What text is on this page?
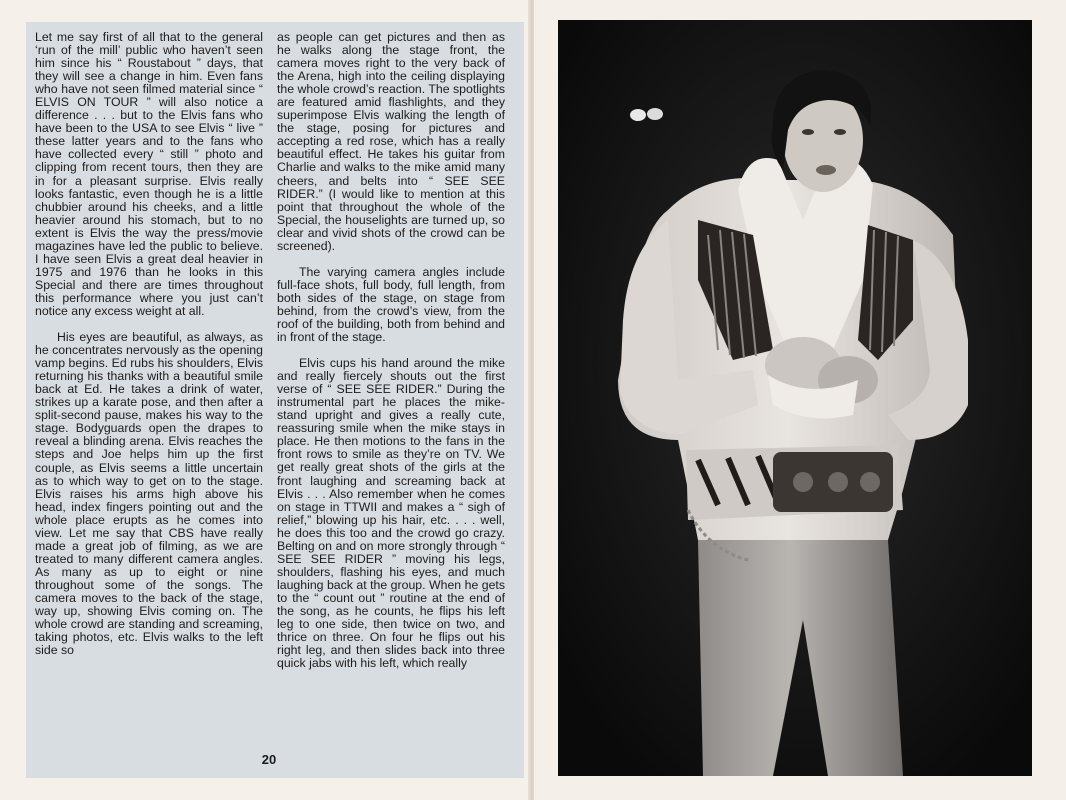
Let me say first of all that to the general ‘run of the mill’ public who haven’t seen him since his “ Roustabout ” days, that they will see a change in him. Even fans who have not seen filmed material since “ ELVIS ON TOUR ” will also notice a difference . . . but to the Elvis fans who have been to the USA to see Elvis “ live ” these latter years and to the fans who have collected every “ still ” photo and clipping from recent tours, then they are in for a pleasant surprise. Elvis really looks fantastic, even though he is a little chubbier around his cheeks, and a little heavier around his stomach, but to no extent is Elvis the way the press/movie magazines have led the public to believe. I have seen Elvis a great deal heavier in 1975 and 1976 than he looks in this Special and there are times throughout this performance where you just can’t notice any excess weight at all.

His eyes are beautiful, as always, as he concentrates nervously as the opening vamp begins. Ed rubs his shoulders, Elvis returning his thanks with a beautiful smile back at Ed. He takes a drink of water, strikes up a karate pose, and then after a split-second pause, makes his way to the stage. Bodyguards open the drapes to reveal a blinding arena. Elvis reaches the steps and Joe helps him up the first couple, as Elvis seems a little uncertain as to which way to get on to the stage. Elvis raises his arms high above his head, index fingers pointing out and the whole place erupts as he comes into view. Let me say that CBS have really made a great job of filming, as we are treated to many different camera angles. As many as up to eight or nine throughout some of the songs. The camera moves to the back of the stage, way up, showing Elvis coming on. The whole crowd are standing and screaming, taking photos, etc. Elvis walks to the left side so

as people can get pictures and then as he walks along the stage front, the camera moves right to the very back of the Arena, high into the ceiling displaying the whole crowd’s reaction. The spotlights are featured amid flashlights, and they superimpose Elvis walking the length of the stage, posing for pictures and accepting a red rose, which has a really beautiful effect. He takes his guitar from Charlie and walks to the mike amid many cheers, and belts into “ SEE SEE RIDER.” (I would like to mention at this point that throughout the whole of the Special, the houselights are turned up, so clear and vivid shots of the crowd can be screened).

The varying camera angles include full-face shots, full body, full length, from both sides of the stage, on stage from behind, from the crowd’s view, from the roof of the building, both from behind and in front of the stage.

Elvis cups his hand around the mike and really fiercely shouts out the first verse of “ SEE SEE RIDER.” During the instrumental part he places the mike-stand upright and gives a really cute, reassuring smile when the mike stays in place. He then motions to the fans in the front rows to smile as they’re on TV. We get really great shots of the girls at the front laughing and screaming back at Elvis . . . Also remember when he comes on stage in TTWII and makes a “ sigh of relief,” blowing up his hair, etc. . . . well, he does this too and the crowd go crazy. Belting on and on more strongly through “ SEE SEE RIDER ” moving his legs, shoulders, flashing his eyes, and much laughing back at the group. When he gets to the “ count out ” routine at the end of the song, as he counts, he flips his left leg to one side, then twice on two, and thrice on three. On four he flips out his right leg, and then slides back into three quick jabs with his left, which really

20
